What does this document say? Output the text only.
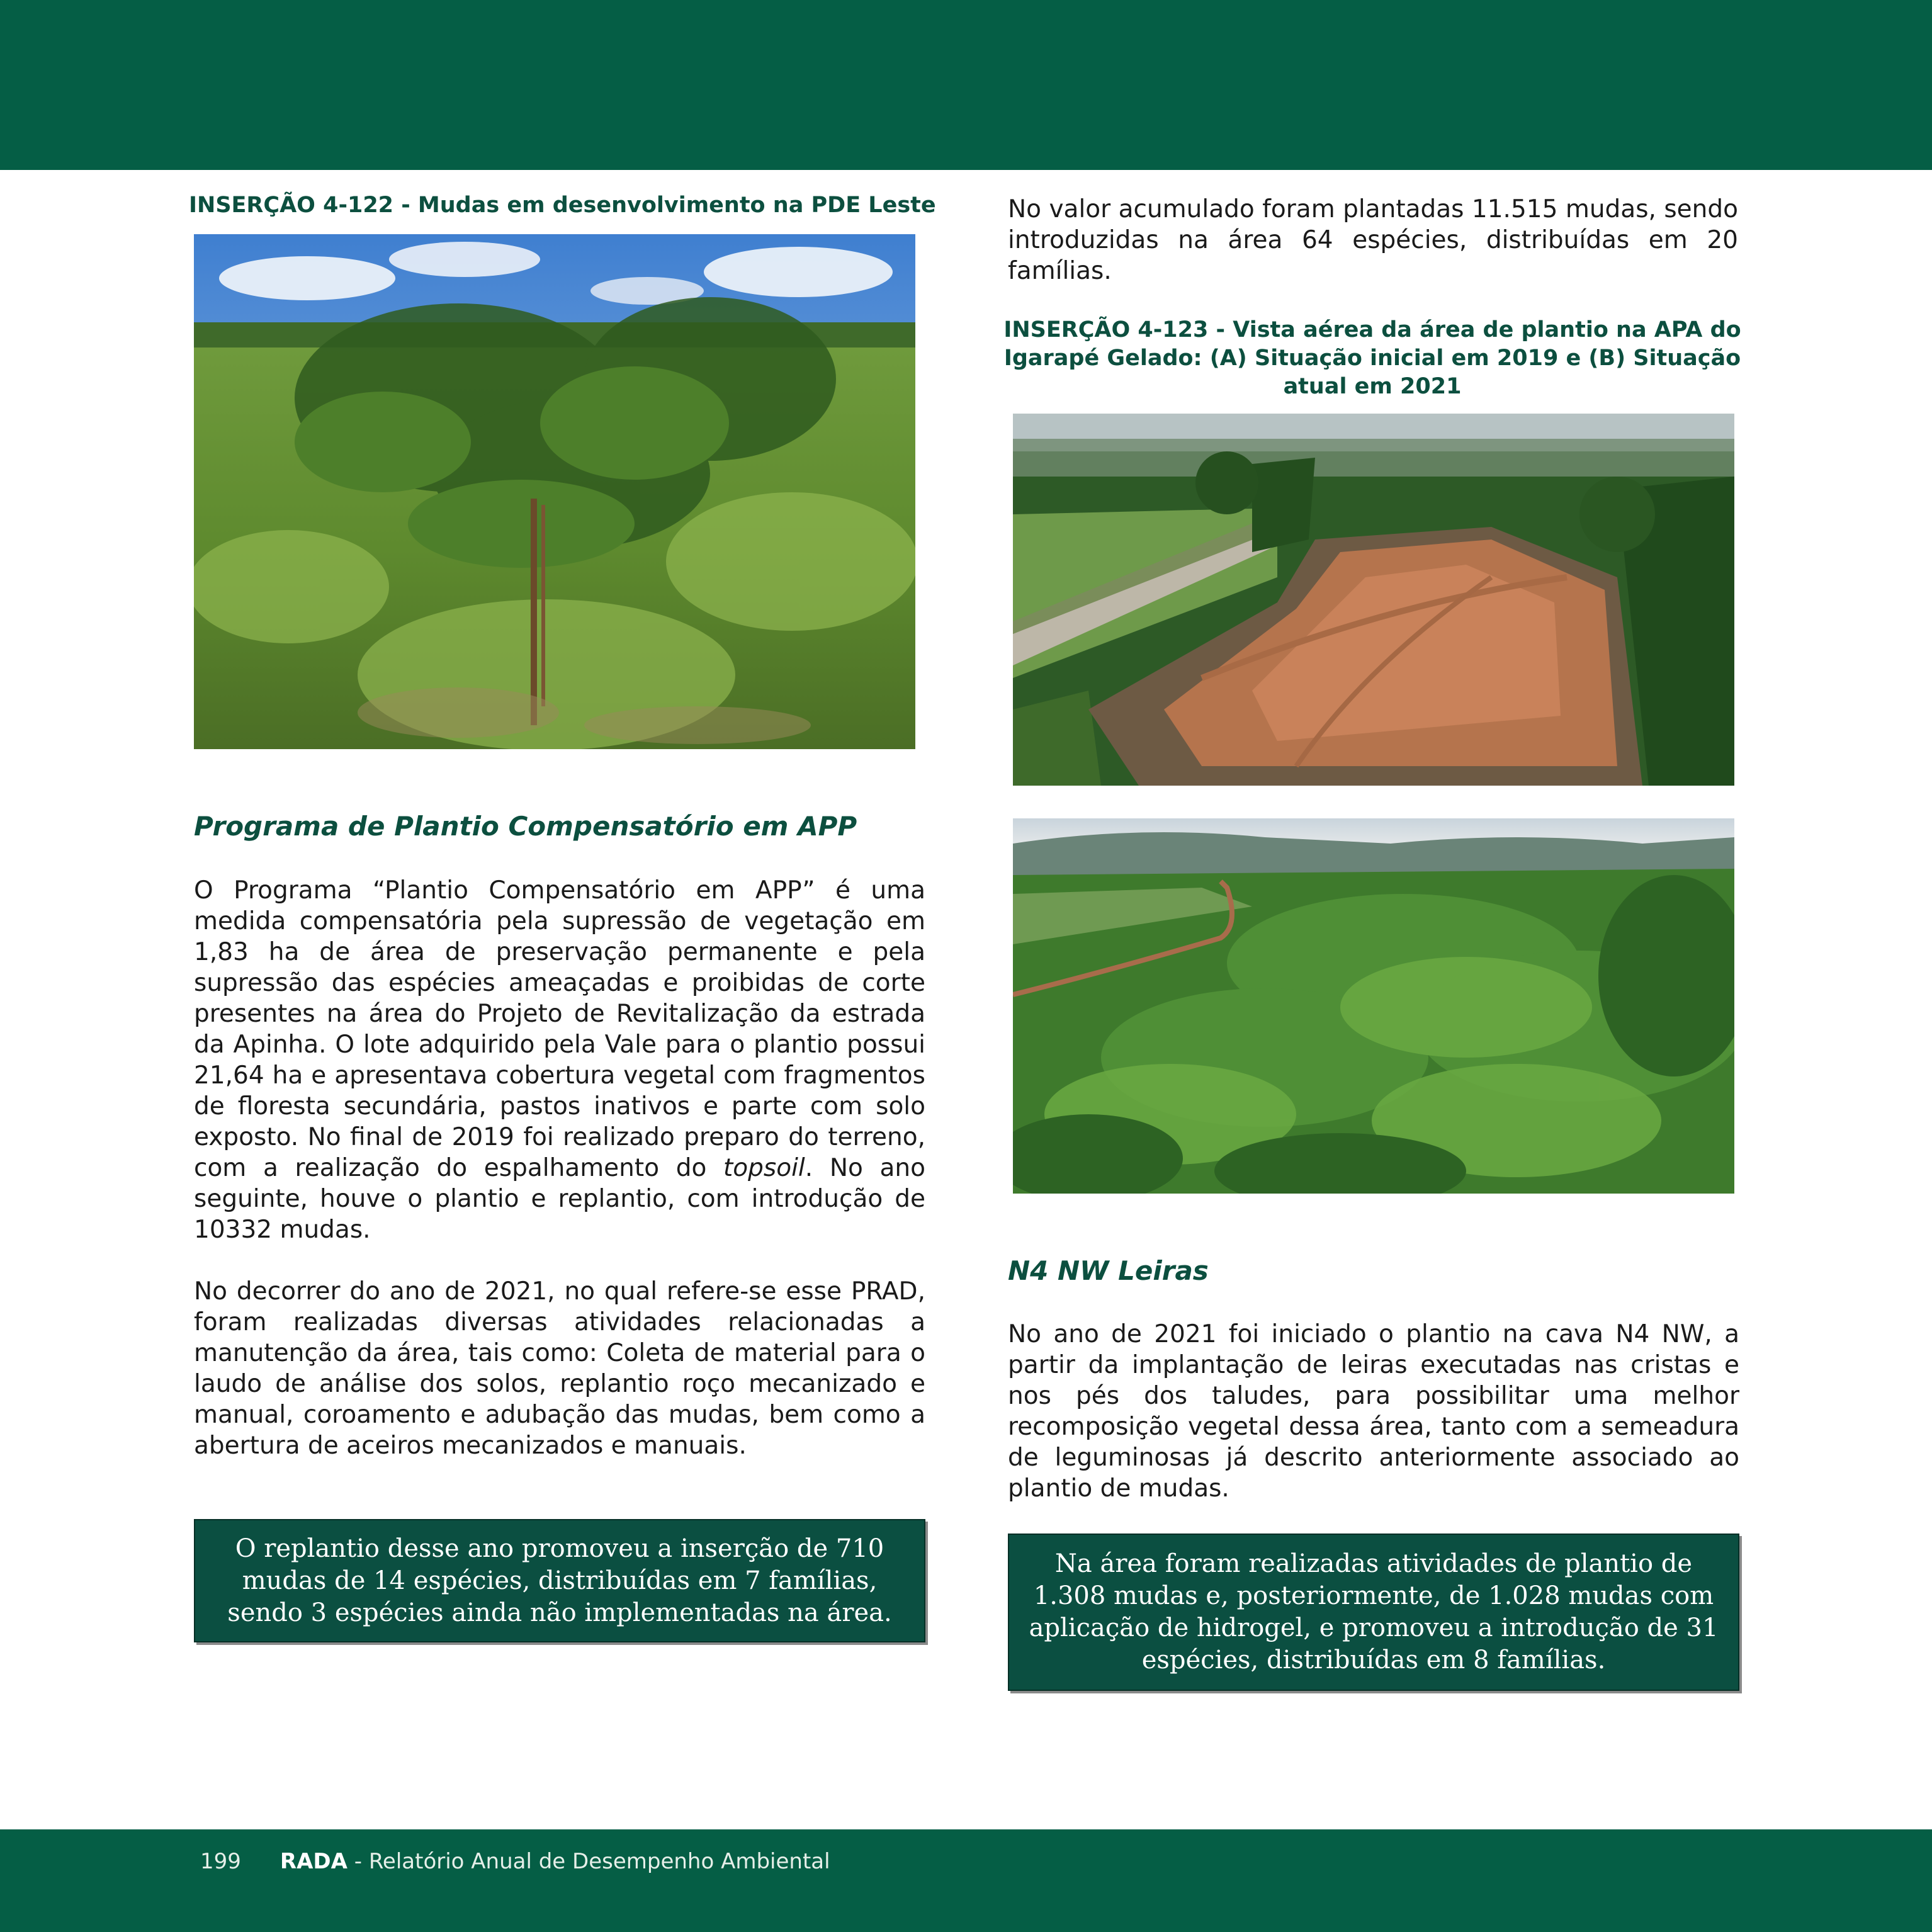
INSERÇÃO 4-122 - Mudas em desenvolvimento na PDE Leste
Programa de Plantio Compensatório em APP

O Programa “Plantio Compensatório em APP” é uma medida compensatória pela supressão de vegetação em 1,83 ha de área de preservação permanente e pela supressão das espécies ameaçadas e proibidas de corte presentes na área do Projeto de Revitalização da estrada da Apinha. O lote adquirido pela Vale para o plantio possui 21,64 ha e apresentava cobertura vegetal com fragmentos de floresta secundária, pastos inativos e parte com solo exposto. No final de 2019 foi realizado preparo do terreno, com a realização do espalhamento do topsoil. No ano seguinte, houve o plantio e replantio, com introdução de 10332 mudas.

No decorrer do ano de 2021, no qual refere-se esse PRAD, foram realizadas diversas atividades relacionadas a manutenção da área, tais como: Coleta de material para o laudo de análise dos solos, replantio roço mecanizado e manual, coroamento e adubação das mudas, bem como a abertura de aceiros mecanizados e manuais.

O replantio desse ano promoveu a inserção de 710 mudas de 14 espécies, distribuídas em 7 famílias, sendo 3 espécies ainda não implementadas na área.

No valor acumulado foram plantadas 11.515 mudas, sendo introduzidas na área 64 espécies, distribuídas em 20 famílias.

INSERÇÃO 4-123 - Vista aérea da área de plantio na APA do Igarapé Gelado: (A) Situação inicial em 2019 e (B) Situação atual em 2021
N4 NW Leiras

No ano de 2021 foi iniciado o plantio na cava N4 NW, a partir da implantação de leiras executadas nas cristas e nos pés dos taludes, para possibilitar uma melhor recomposição vegetal dessa área, tanto com a semeadura de leguminosas já descrito anteriormente associado ao plantio de mudas.

Na área foram realizadas atividades de plantio de 1.308 mudas e, posteriormente, de 1.028 mudas com aplicação de hidrogel, e promoveu a introdução de 31 espécies, distribuídas em 8 famílias.
199 RADA - Relatório Anual de Desempenho Ambiental
